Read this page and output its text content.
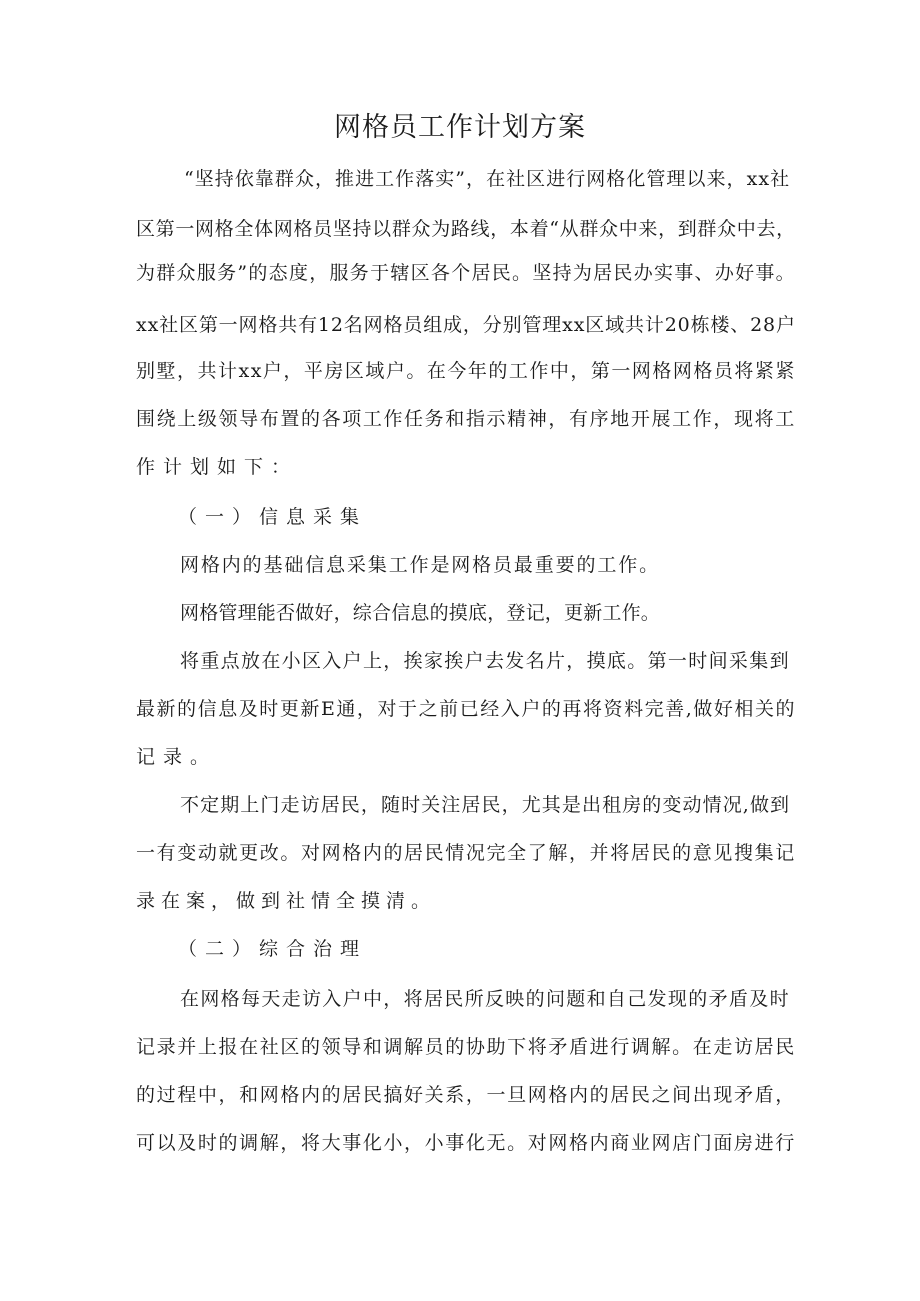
网格员工作计划方案

“坚持依靠群众，推进工作落实”，在社区进行网格化管理以来，xx社

区第一网格全体网格员坚持以群众为路线，本着“从群众中来，到群众中去，

为群众服务”的态度，服务于辖区各个居民。坚持为居民办实事、办好事。

xx社区第一网格共有12名网格员组成，分别管理xx区域共计20栋楼、28户

别墅，共计xx户，平房区域户。在今年的工作中，第一网格网格员将紧紧

围绕上级领导布置的各项工作任务和指示精神，有序地开展工作，现将工

作计划如下：

（一）信息采集

网格内的基础信息采集工作是网格员最重要的工作。

网格管理能否做好，综合信息的摸底，登记，更新工作。

将重点放在小区入户上，挨家挨户去发名片，摸底。第一时间采集到

最新的信息及时更新E通，对于之前已经入户的再将资料完善,做好相关的

记录。

不定期上门走访居民，随时关注居民，尤其是出租房的变动情况,做到

一有变动就更改。对网格内的居民情况完全了解，并将居民的意见搜集记

录在案，做到社情全摸清。

（二）综合治理

在网格每天走访入户中，将居民所反映的问题和自己发现的矛盾及时

记录并上报在社区的领导和调解员的协助下将矛盾进行调解。在走访居民

的过程中，和网格内的居民搞好关系，一旦网格内的居民之间出现矛盾，

可以及时的调解，将大事化小，小事化无。对网格内商业网店门面房进行
